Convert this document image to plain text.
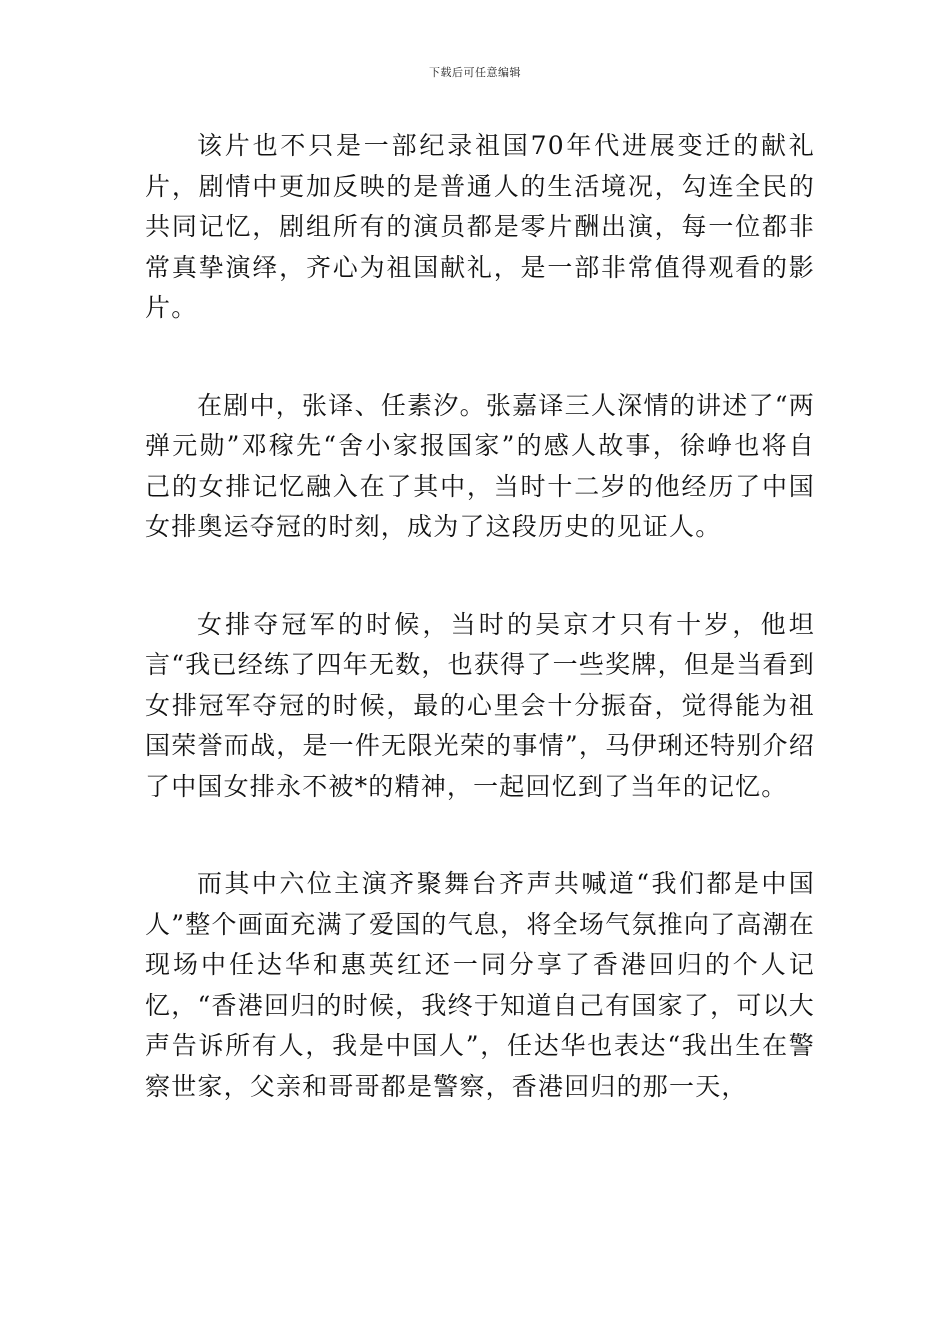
下载后可任意编辑

该片也不只是一部纪录祖国70年代进展变迁的献礼片，剧情中更加反映的是普通人的生活境况，勾连全民的共同记忆，剧组所有的演员都是零片酬出演，每一位都非常真挚演绎，齐心为祖国献礼，是一部非常值得观看的影片。

在剧中，张译、任素汐。张嘉译三人深情的讲述了“两弹元勋”邓稼先“舍小家报国家”的感人故事，徐峥也将自己的女排记忆融入在了其中，当时十二岁的他经历了中国女排奥运夺冠的时刻，成为了这段历史的见证人。

女排夺冠军的时候，当时的吴京才只有十岁，他坦言“我已经练了四年无数，也获得了一些奖牌，但是当看到女排冠军夺冠的时候，最的心里会十分振奋，觉得能为祖国荣誉而战，是一件无限光荣的事情”，马伊琍还特别介绍了中国女排永不被*的精神，一起回忆到了当年的记忆。

而其中六位主演齐聚舞台齐声共喊道“我们都是中国人”整个画面充满了爱国的气息，将全场气氛推向了高潮在现场中任达华和惠英红还一同分享了香港回归的个人记忆，“香港回归的时候，我终于知道自己有国家了，可以大声告诉所有人，我是中国人”，任达华也表达“我出生在警察世家，父亲和哥哥都是警察，香港回归的那一天，
